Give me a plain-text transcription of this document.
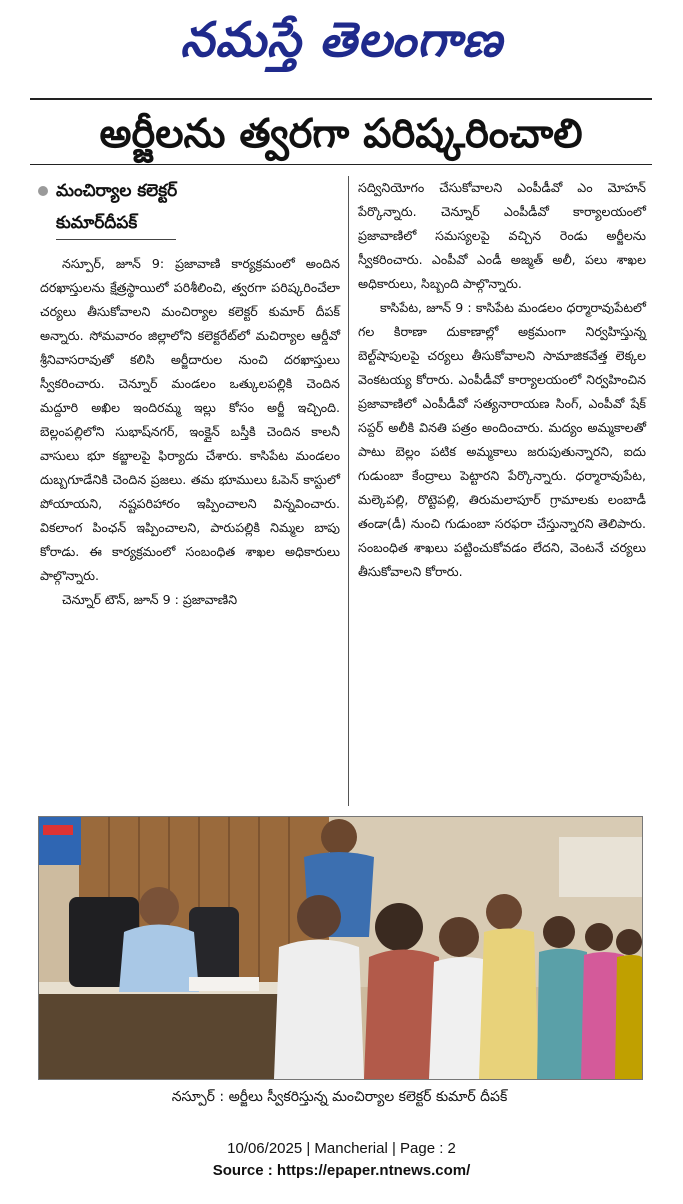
నమస్తే తెలంగాణ
అర్జీలను త్వరగా పరిష్కరించాలి
మంచిర్యాల కలెక్టర్
కుమార్‌దీపక్

నస్పూర్, జూన్ 9: ప్రజావాణి కార్యక్రమంలో అందిన దరఖాస్తులను క్షేత్రస్థాయిలో పరిశీలించి, త్వరగా పరిష్కరించేలా చర్యలు తీసుకోవాలని మంచిర్యాల కలెక్టర్ కుమార్ దీపక్ అన్నారు. సోమవారం జిల్లాలోని కలెక్టరేట్‌లో మచిర్యాల ఆర్డీవో శ్రీనివాసరావుతో కలిసి అర్జీదారుల నుంచి దరఖాస్తులు స్వీకరించారు. చెన్నూర్ మండలం ఒత్కులపల్లికి చెందిన మద్దూరి అఖిల ఇందిరమ్మ ఇల్లు కోసం అర్జీ ఇచ్చింది. బెల్లంపల్లిలోని సుభాష్‌నగర్, ఇంక్లైన్ బస్తీకి చెందిన కాలనీ వాసులు భూ కబ్జాలపై ఫిర్యాదు చేశారు. కాసిపేట మండలం దుబ్బగూడేనికి చెందిన ప్రజలు. తమ భూములు ఓపెన్ కాస్టులో పోయాయని, నష్టపరిహారం ఇప్పించాలని విన్నవించారు. వికలాంగ పింఛన్ ఇప్పించాలని, పారుపల్లికి నిమ్మల బాపు కోరాడు. ఈ కార్యక్రమంలో సంబంధిత శాఖల అధికారులు పాల్గొన్నారు.

చెన్నూర్ టౌన్, జూన్ 9 : ప్రజావాణిని

సద్వినియోగం చేసుకోవాలని ఎంపీడీవో ఎం మోహన్ పేర్కొన్నారు. చెన్నూర్ ఎంపీడీవో కార్యాలయంలో ప్రజావాణిలో సమస్యలపై వచ్చిన రెండు అర్జీలను స్వీకరించారు. ఎంపీవో ఎండీ అజ్మత్ అలీ, పలు శాఖల అధికారులు, సిబ్బంది పాల్గొన్నారు.

కాసిపేట, జూన్ 9 : కాసిపేట మండలం ధర్మారావుపేటలో గల కిరాణా దుకాణాల్లో అక్రమంగా నిర్వహిస్తున్న బెల్ట్‌షాపులపై చర్యలు తీసుకోవాలని సామాజికవేత్త లెక్కల వెంకటయ్య కోరారు. ఎంపీడీవో కార్యాలయంలో నిర్వహించిన ప్రజావాణిలో ఎంపీడీవో సత్యనారాయణ సింగ్, ఎంపీవో షేక్ సప్దర్ అలీకి వినతి పత్రం అందించారు. మద్యం అమ్మకాలతో పాటు బెల్లం పటిక అమ్మకాలు జరుపుతున్నారని, ఐదు గుడుంబా కేంద్రాలు పెట్టారని పేర్కొన్నారు. ధర్మారావుపేట, మల్కెపల్లి, రొట్టెపల్లి, తిరుమలాపూర్ గ్రామాలకు లంబాడీ తండా(డీ) నుంచి గుడుంబా సరఫరా చేస్తున్నారని తెలిపారు. సంబంధిత శాఖలు పట్టించుకోవడం లేదని, వెంటనే చర్యలు తీసుకోవాలని కోరారు.

నస్పూర్ : అర్జీలు స్వీకరిస్తున్న మంచిర్యాల కలెక్టర్ కుమార్ దీపక్
10/06/2025 | Mancherial | Page : 2
Source : https://epaper.ntnews.com/
